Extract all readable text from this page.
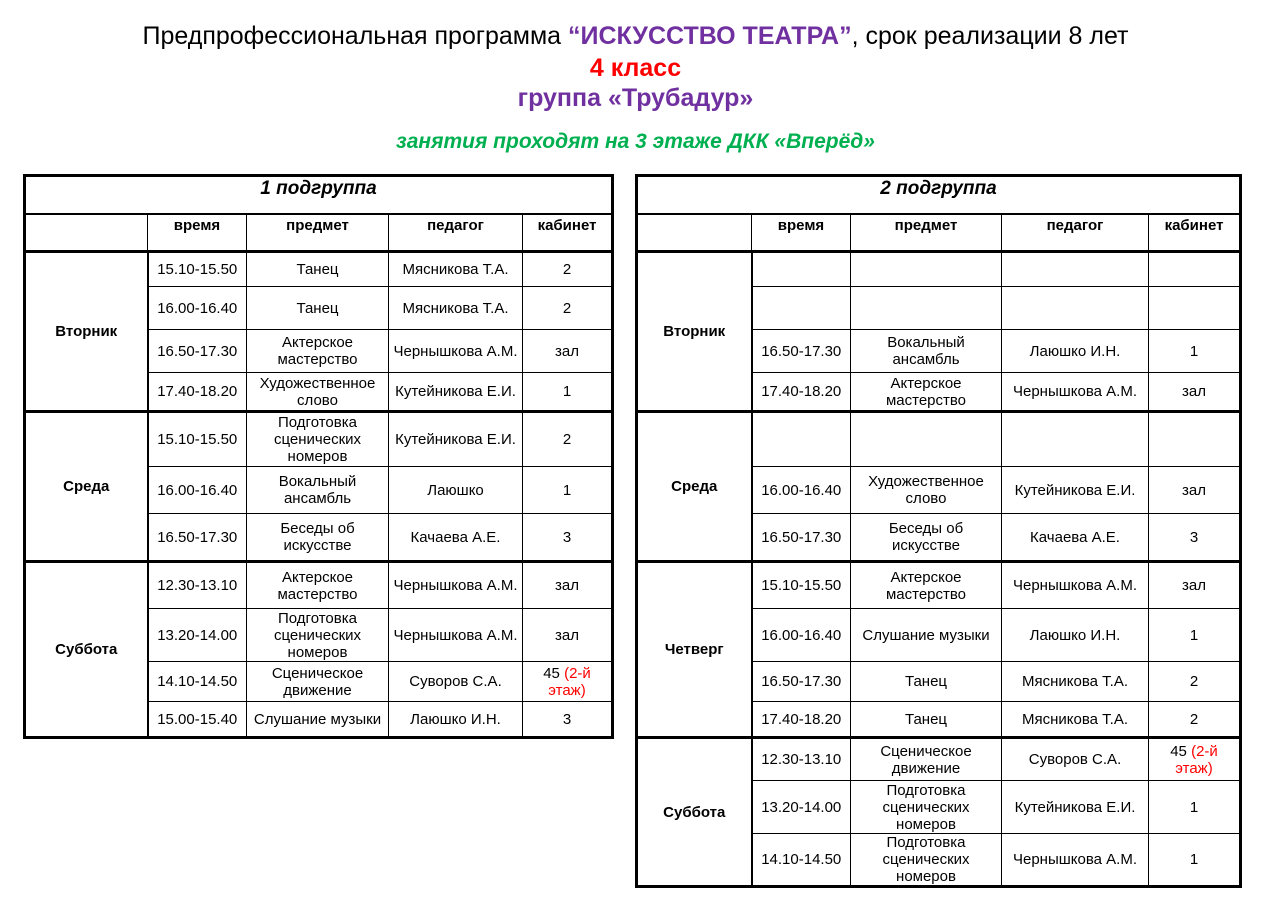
Предпрофессиональная программа “ИСКУССТВО ТЕАТРА”, срок реализации 8 лет
4 класс
группа «Трубадур»
занятия проходят на 3 этаже ДКК «Вперёд»
1 подгруппа				
	время	предмет	педагог	кабинет
Вторник	15.10-15.50	Танец	Мясникова Т.А.	2
	16.00-16.40	Танец	Мясникова Т.А.	2
	16.50-17.30	Актерское мастерство	Чернышкова А.М.	зал
	17.40-18.20	Художественное слово	Кутейникова Е.И.	1
Среда	15.10-15.50	Подготовка сценических номеров	Кутейникова Е.И.	2
	16.00-16.40	Вокальный ансамбль	Лаюшко	1
	16.50-17.30	Беседы об искусстве	Качаева А.Е.	3
Суббота	12.30-13.10	Актерское мастерство	Чернышкова А.М.	зал
	13.20-14.00	Подготовка сценических номеров	Чернышкова А.М.	зал
	14.10-14.50	Сценическое движение	Суворов С.А.	45 (2-й этаж)
	15.00-15.40	Слушание музыки	Лаюшко И.Н.	3
2 подгруппа				
	время	предмет	педагог	кабинет
Вторник				

	16.50-17.30	Вокальный ансамбль	Лаюшко И.Н.	1
	17.40-18.20	Актерское мастерство	Чернышкова А.М.	зал
Среда				
	16.00-16.40	Художественное слово	Кутейникова Е.И.	зал
	16.50-17.30	Беседы об искусстве	Качаева А.Е.	3
Четверг	15.10-15.50	Актерское мастерство	Чернышкова А.М.	зал
	16.00-16.40	Слушание музыки	Лаюшко И.Н.	1
	16.50-17.30	Танец	Мясникова Т.А.	2
	17.40-18.20	Танец	Мясникова Т.А.	2
Суббота	12.30-13.10	Сценическое движение	Суворов С.А.	45 (2-й этаж)
	13.20-14.00	Подготовка сценических номеров	Кутейникова Е.И.	1
	14.10-14.50	Подготовка сценических номеров	Чернышкова А.М.	1
